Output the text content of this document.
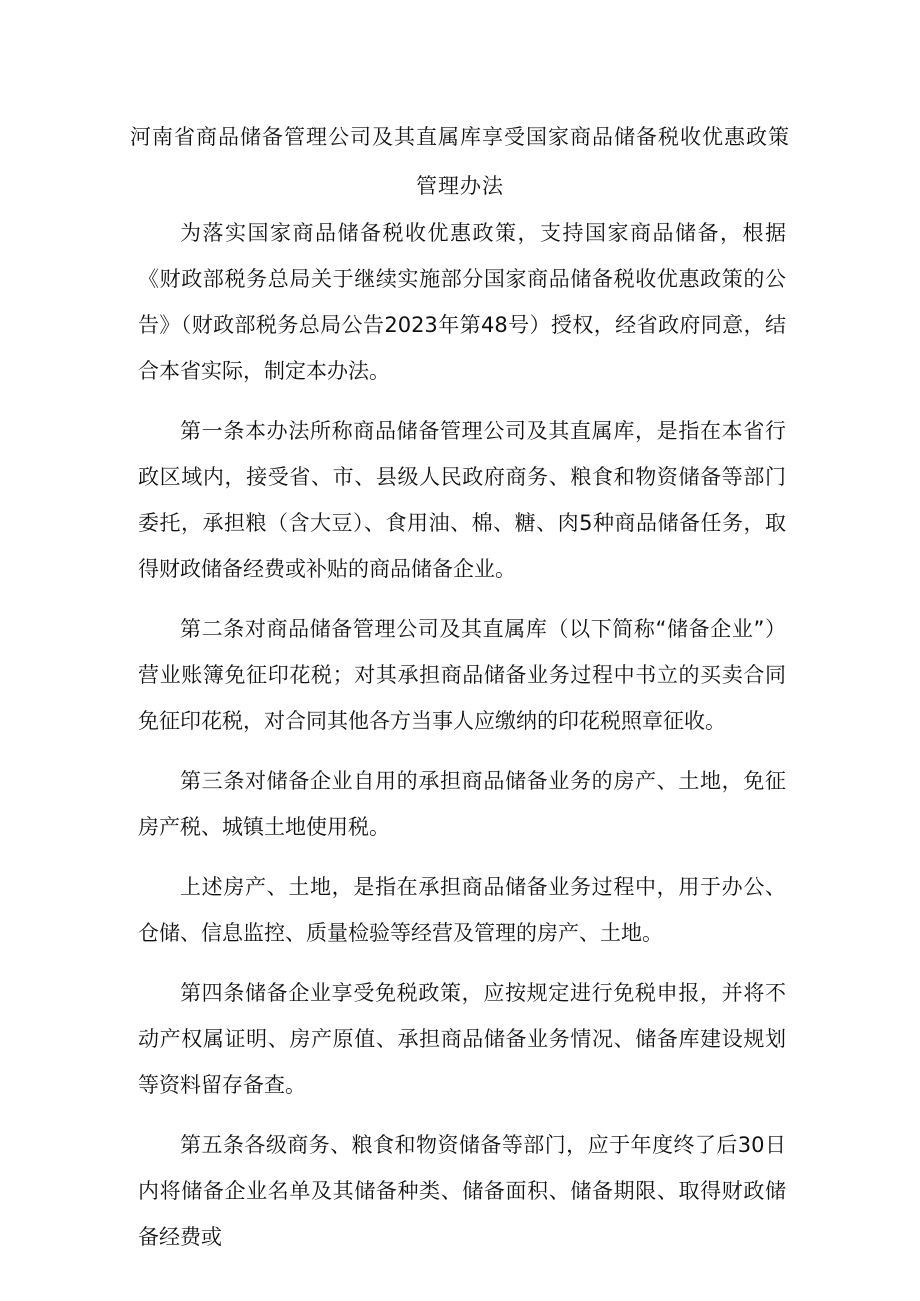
河南省商品储备管理公司及其直属库享受国家商品储备税收优惠政策
管理办法

为落实国家商品储备税收优惠政策，支持国家商品储备，根据《财政部税务总局关于继续实施部分国家商品储备税收优惠政策的公告》（财政部税务总局公告2023年第48号）授权，经省政府同意，结合本省实际，制定本办法。

第一条本办法所称商品储备管理公司及其直属库，是指在本省行政区域内，接受省、市、县级人民政府商务、粮食和物资储备等部门委托，承担粮（含大豆）、食用油、棉、糖、肉5种商品储备任务，取得财政储备经费或补贴的商品储备企业。

第二条对商品储备管理公司及其直属库（以下简称“储备企业”）营业账簿免征印花税；对其承担商品储备业务过程中书立的买卖合同免征印花税，对合同其他各方当事人应缴纳的印花税照章征收。

第三条对储备企业自用的承担商品储备业务的房产、土地，免征房产税、城镇土地使用税。

上述房产、土地，是指在承担商品储备业务过程中，用于办公、仓储、信息监控、质量检验等经营及管理的房产、土地。

第四条储备企业享受免税政策，应按规定进行免税申报，并将不动产权属证明、房产原值、承担商品储备业务情况、储备库建设规划等资料留存备查。

第五条各级商务、粮食和物资储备等部门，应于年度终了后30日内将储备企业名单及其储备种类、储备面积、储备期限、取得财政储备经费或
